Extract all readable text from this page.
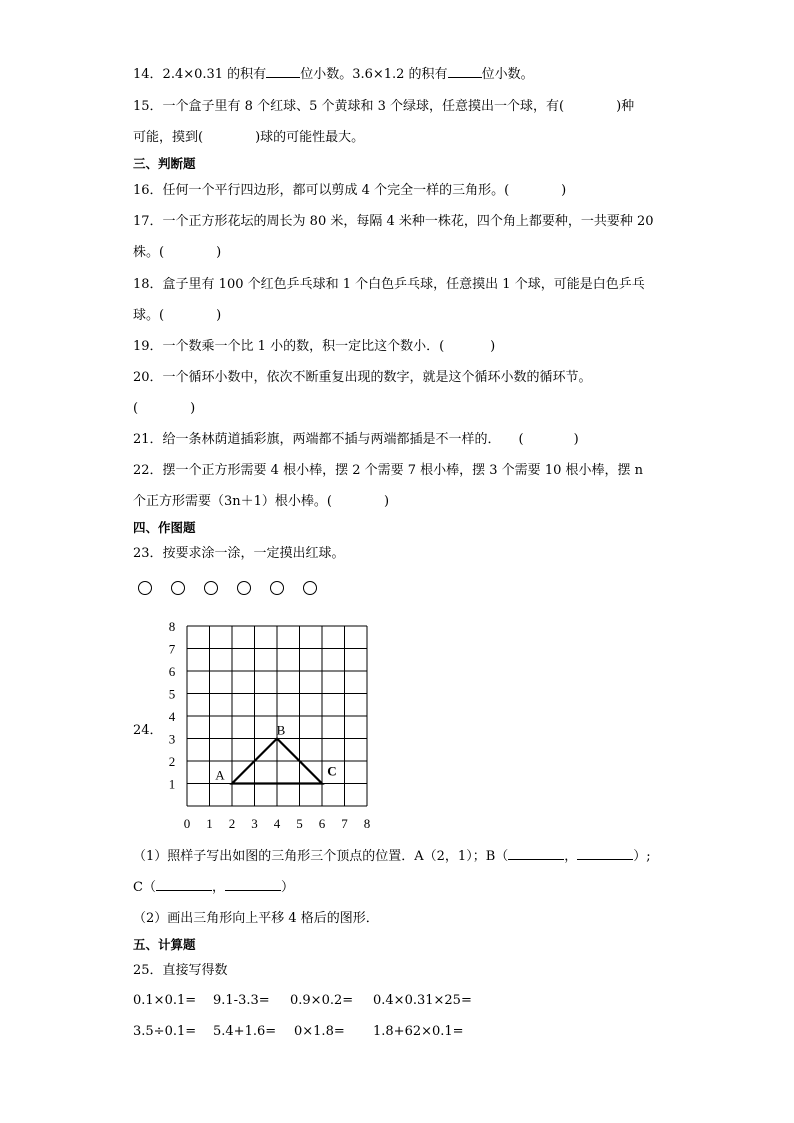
14．2.4×0.31 的积有	位小数。3.6×1.2 的积有	位小数。
15．一个盒子里有 8 个红球、5 个黄球和 3 个绿球，任意摸出一个球，有(	)种
可能，摸到(	)球的可能性最大。
三、判断题
16．任何一个平行四边形，都可以剪成 4 个完全一样的三角形。(	)
17．一个正方形花坛的周长为 80 米，每隔 4 米种一株花，四个角上都要种，一共要种 20
株。(	)
18．盒子里有 100 个红色乒乓球和 1 个白色乒乓球，任意摸出 1 个球，可能是白色乒乓
球。(	)
19．一个数乘一个比 1 小的数，积一定比这个数小．(	)
20．一个循环小数中，依次不断重复出现的数字，就是这个循环小数的循环节。
(	)
21．给一条林荫道插彩旗，两端都不插与两端都插是不一样的． (	)
22．摆一个正方形需要 4 根小棒，摆 2 个需要 7 根小棒，摆 3 个需要 10 根小棒，摆 n
个正方形需要（3n＋1）根小棒。(	)
四、作图题
23．按要求涂一涂，一定摸出红球。
24．
0 1 2 3 4 5 6 7 8
1
2
3
4
5
6
7
8
A
B
C
（1）照样子写出如图的三角形三个顶点的位置．A（2，1）；B（	，	）;
C（	，	）
（2）画出三角形向上平移 4 格后的图形．
五、计算题
25．直接写得数
0.1×0.1= 9.1-3.3= 0.9×0.2= 0.4×0.31×25=
3.5÷0.1= 5.4+1.6= 0×1.8= 1.8+62×0.1=
